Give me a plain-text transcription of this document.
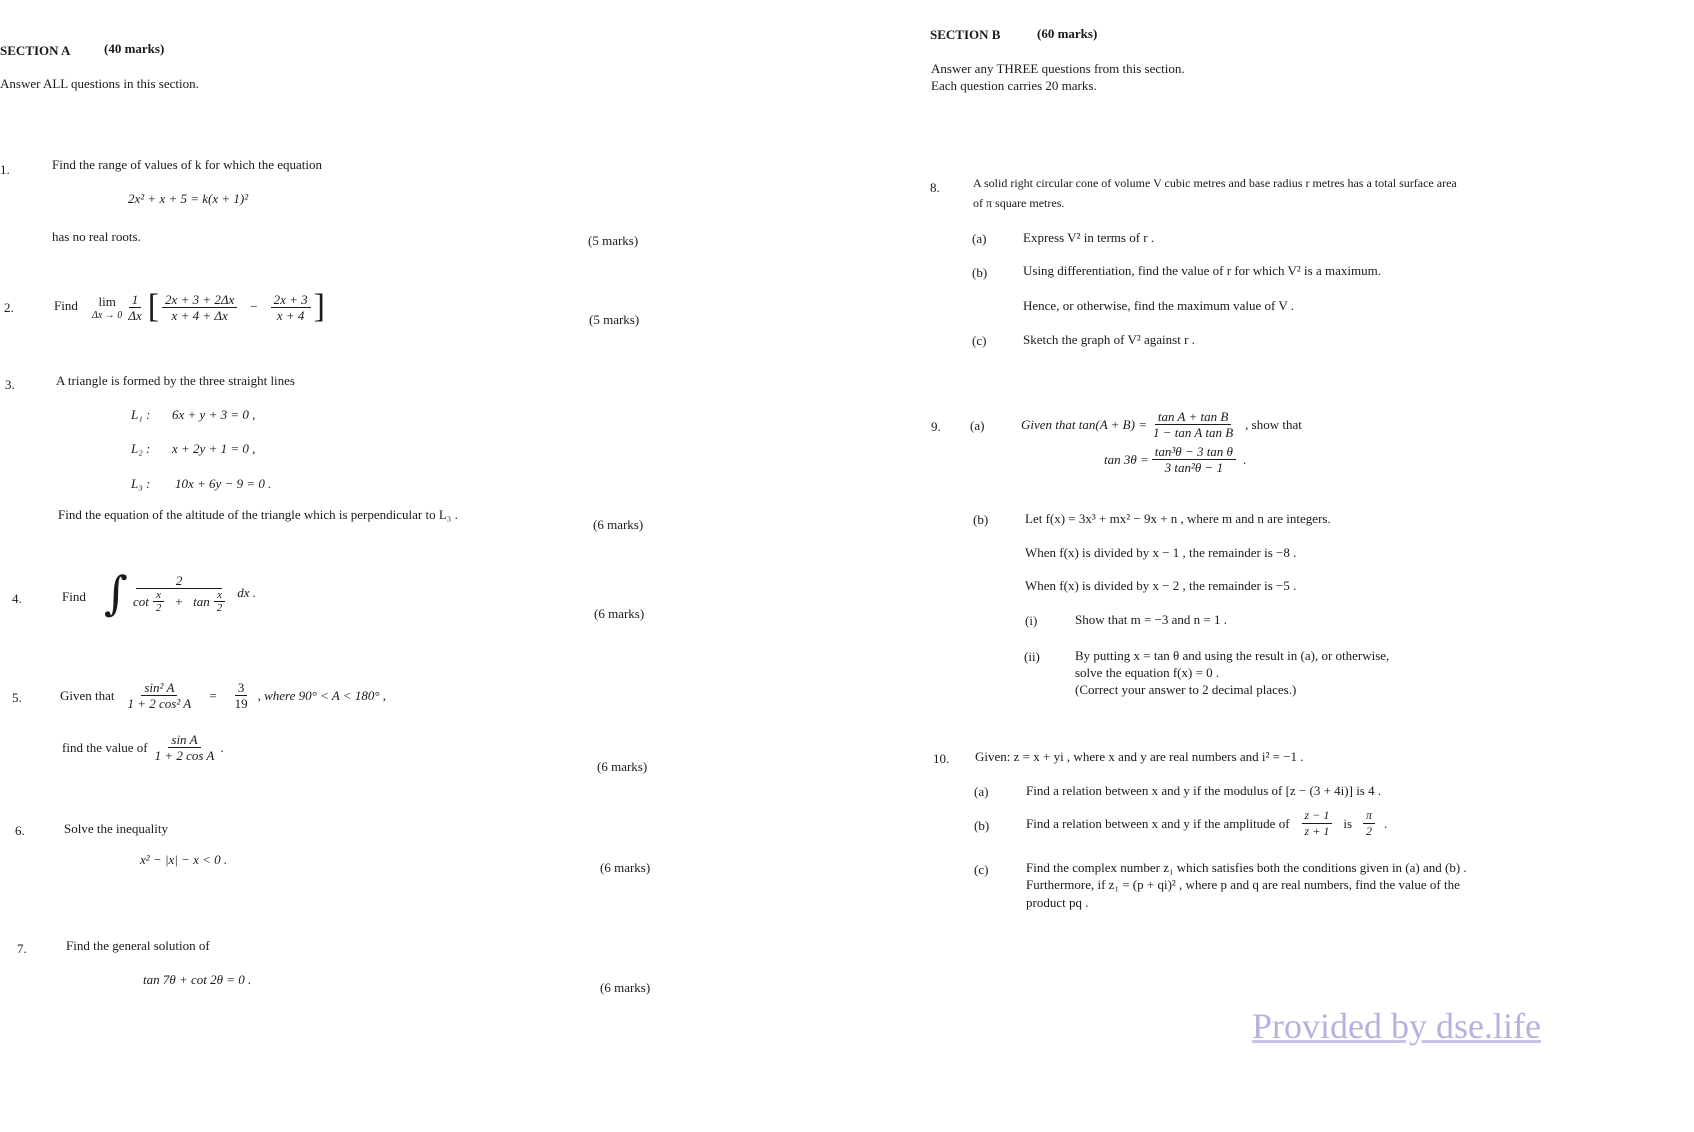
SECTION A	(40 marks)
Answer ALL questions in this section.
1.	Find the range of values of k for which the equation
2x² + x + 5 = k(x + 1)²
has no real roots.	(5 marks)
2.	Find lim
$\Delta x \to 0 \frac{1}{\Delta x}$ [ $\frac{2x + 3 + 2\Delta x}{x + 4 + \Delta x} - \frac{2x + 3}{x + 4}$ ]	(5 marks)
3.	A triangle is formed by the three straight lines
L₁ : 6x + y + 3 = 0 ,
L₂ : x + 2y + 1 = 0 ,
L₃ : 10x + 6y − 9 = 0 .
Find the equation of the altitude of the triangle which is perpendicular to L₃ .
(6 marks)
4.	Find ∫ $\frac{2}{\cot \frac{x}{2} + \tan \frac{x}{2}}$ dx .
(6 marks)
5.	Given that $\frac{\text{sin² A}}{\text{1 + 2 cos² A}} = \frac{3}{19}$ , where 90° < A < 180° ,
find the value of $\frac{\text{sin A}}{\text{1 + 2 cos A}}$ .
(6 marks)
6.	Solve the inequality
x² − |x| − x < 0 .
(6 marks)
7.	Find the general solution of
tan 7θ + cot 2θ = 0 .
(6 marks)
SECTION B	(60 marks)
Answer any THREE questions from this section.
Each question carries 20 marks.
8.	A solid right circular cone of volume V cubic metres and base radius r metres has a total surface area
of π square metres.
(a)	Express V² in terms of r .
(b)	Using differentiation, find the value of r for which V² is a maximum.
Hence, or otherwise, find the maximum value of V .
(c)	Sketch the graph of V² against r .
9. (a)	Given that $\tan(A + B) = \frac{\text{tan A + tan B}}{\text{1 − tan A tan B}}$ , show that
$\tan 3\theta = \frac{\text{tan³θ − 3 tan θ}}{\text{3 tan²θ − 1}}$ .
(b)	Let f(x) = 3x³ + mx² − 9x + n , where m and n are integers.
When f(x) is divided by x − 1 , the remainder is −8 .
When f(x) is divided by x − 2 , the remainder is −5 .
(i)	Show that m = −3 and n = 1 .
(ii)	By putting x = tan θ and using the result in (a), or otherwise,
solve the equation f(x) = 0 .
(Correct your answer to 2 decimal places.)
10. Given: z = x + yi , where x and y are real numbers and i² = −1 .
(a)	Find a relation between x and y if the modulus of [z − (3 + 4i)] is 4 .
(b)	Find a relation between x and y if the amplitude of $\frac{z - 1}{z + 1}$ is $\frac{\pi}{2}$ .
(c)	Find the complex number z₁ which satisfies both the conditions given in (a) and (b) .
Furthermore, if z₁ = (p + qi)² , where p and q are real numbers, find the value of the
product pq .
Provided by dse.life
